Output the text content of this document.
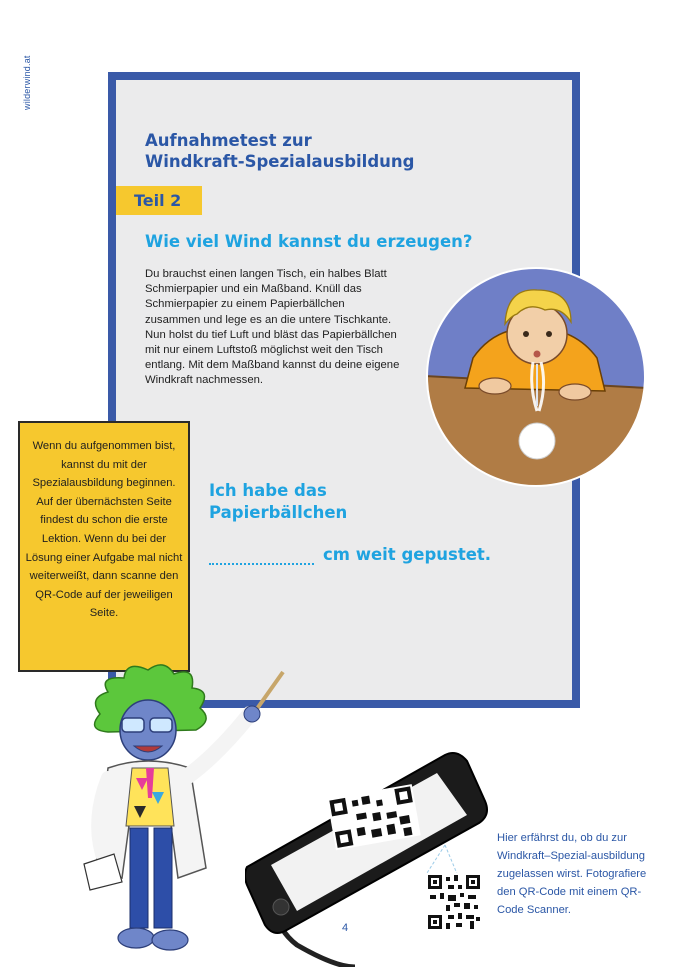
wilderwind.at
Aufnahmetest zur
Windkraft-Spezialausbildung
Teil 2
Wie viel Wind kannst du erzeugen?
Du brauchst einen langen Tisch, ein halbes Blatt Schmierpapier und ein Maßband. Knüll das Schmierpapier zu einem Papierbällchen zusammen und lege es an die untere Tischkante. Nun holst du tief Luft und bläst das Papierbällchen mit nur einem Luftstoß möglichst weit den Tisch entlang. Mit dem Maßband kannst du deine eigene Windkraft nachmessen.
Ich habe das
Papierbällchen
cm weit gepustet.
Wenn du aufgenommen bist, kannst du mit der Spezialausbildung beginnen. Auf der übernächsten Seite findest du schon die erste Lektion. Wenn du bei der Lösung einer Aufgabe mal nicht weiterweißt, dann scanne den QR-Code auf der jeweiligen Seite.
Hier erfährst du, ob du zur Windkraft–Spezial-ausbildung zugelassen wirst. Fotografiere den QR-Code mit einem QR-Code Scanner.
4
